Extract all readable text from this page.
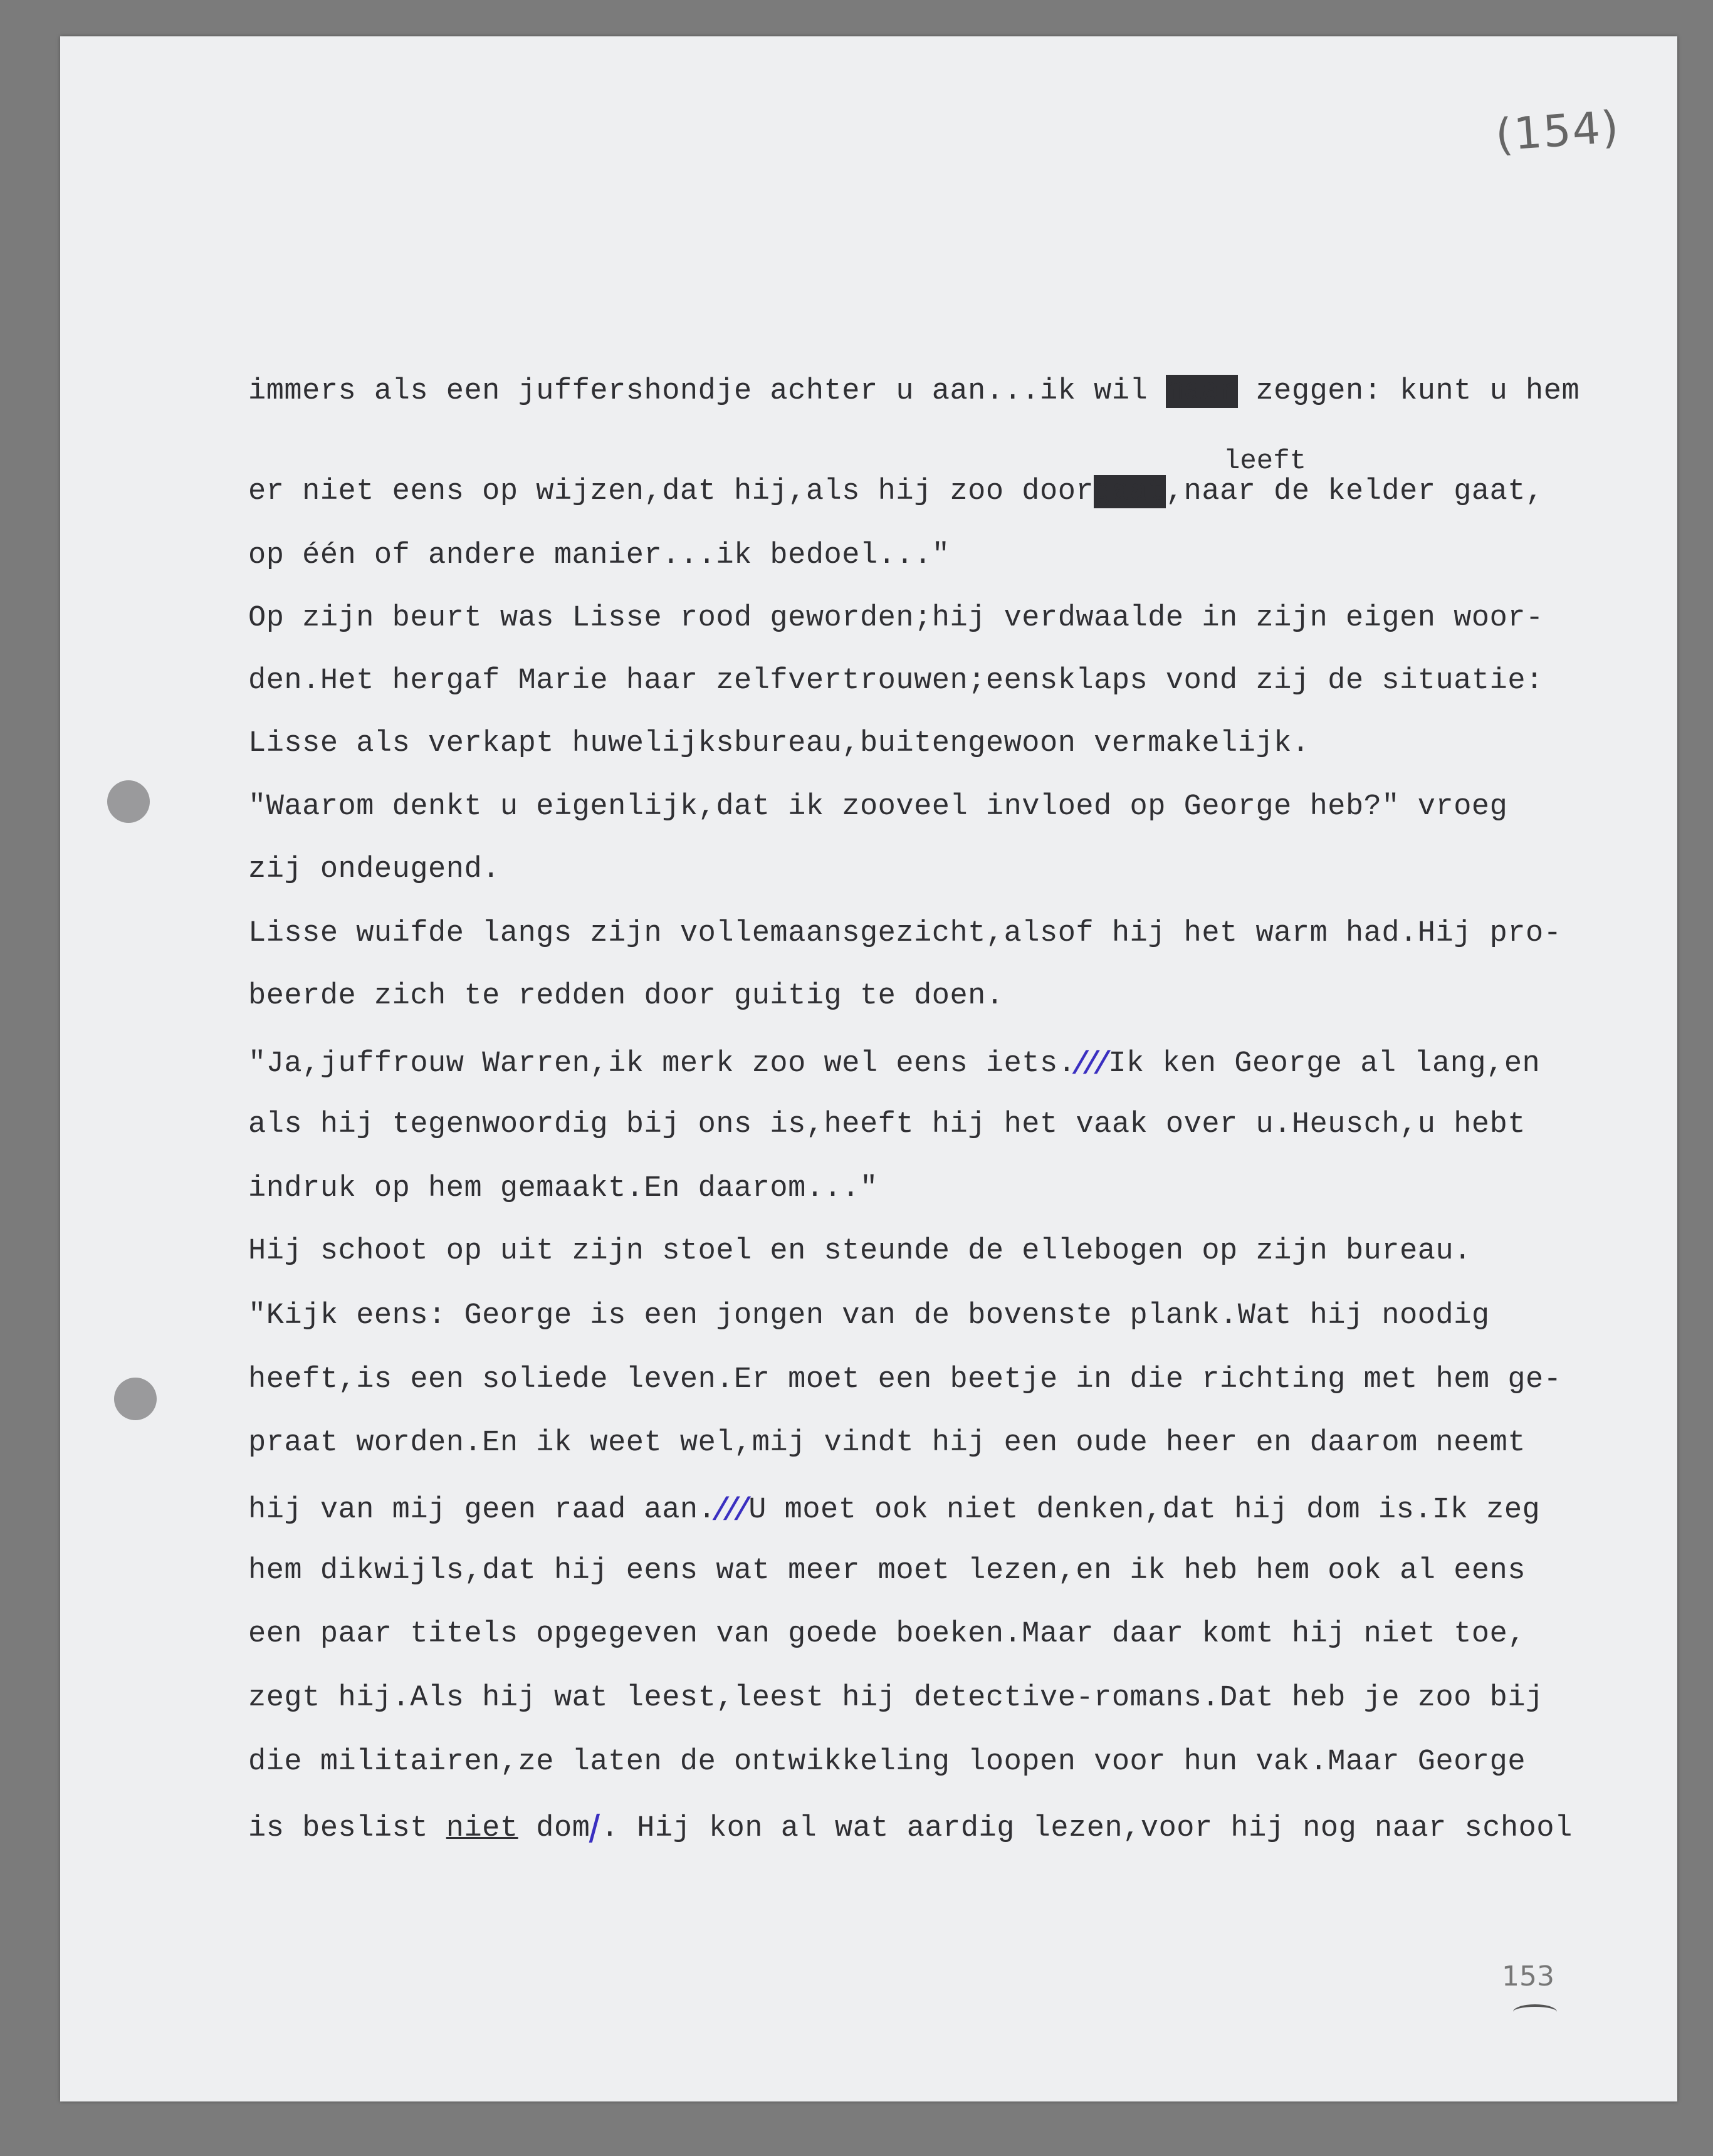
(154)
leeft
immers als een juffershondje achter u aan...ik wil maar zeggen: kunt u hem
er niet eens op wijzen,dat hij,als hij zoo doorgaat,naar de kelder gaat,
op één of andere manier...ik bedoel..."
Op zijn beurt was Lisse rood geworden;hij verdwaalde in zijn eigen woor-
den.Het hergaf Marie haar zelfvertrouwen;eensklaps vond zij de situatie:
Lisse als verkapt huwelijksbureau,buitengewoon vermakelijk.
"Waarom denkt u eigenlijk,dat ik zooveel invloed op George heb?" vroeg
zij ondeugend.
Lisse wuifde langs zijn vollemaansgezicht,alsof hij het warm had.Hij pro-
beerde zich te redden door guitig te doen.
"Ja,juffrouw Warren,ik merk zoo wel eens iets.///Ik ken George al lang,en
als hij tegenwoordig bij ons is,heeft hij het vaak over u.Heusch,u hebt
indruk op hem gemaakt.En daarom..."
Hij schoot op uit zijn stoel en steunde de ellebogen op zijn bureau.
"Kijk eens: George is een jongen van de bovenste plank.Wat hij noodig
heeft,is een soliede leven.Er moet een beetje in die richting met hem ge-
praat worden.En ik weet wel,mij vindt hij een oude heer en daarom neemt
hij van mij geen raad aan.///U moet ook niet denken,dat hij dom is.Ik zeg
hem dikwijls,dat hij eens wat meer moet lezen,en ik heb hem ook al eens
een paar titels opgegeven van goede boeken.Maar daar komt hij niet toe,
zegt hij.Als hij wat leest,leest hij detective-romans.Dat heb je zoo bij
die militairen,ze laten de ontwikkeling loopen voor hun vak.Maar George
is beslist niet dom|. Hij kon al wat aardig lezen,voor hij nog naar school
153
